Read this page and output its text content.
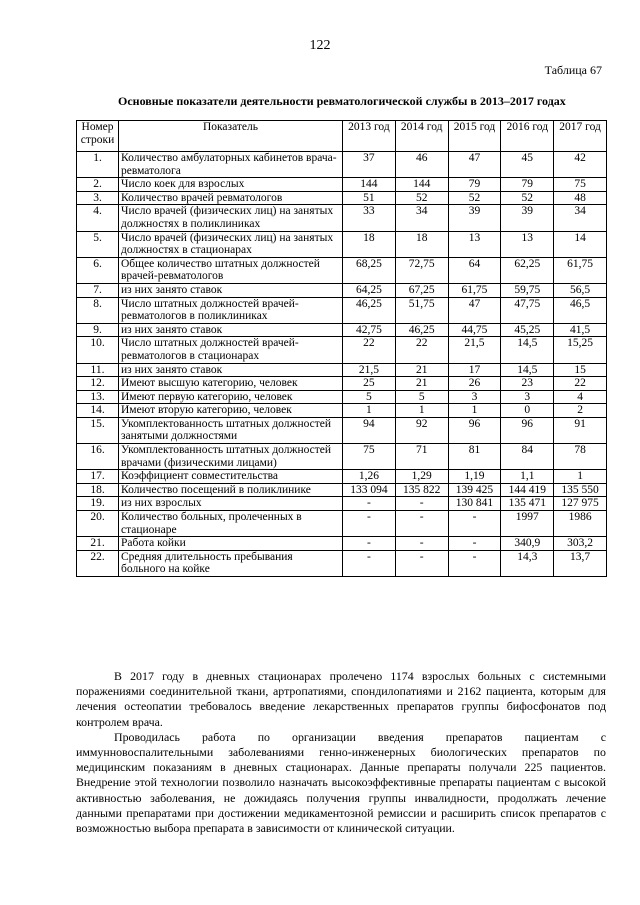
122
Таблица 67
Основные показатели деятельности ревматологической службы в 2013–2017 годах
Номер строки	Показатель	2013 год	2014 год	2015 год	2016 год	2017 год
1.	Количество амбулаторных кабинетов врача-ревматолога	37	46	47	45	42
2.	Число коек для взрослых	144	144	79	79	75
3.	Количество врачей ревматологов	51	52	52	52	48
4.	Число врачей (физических лиц) на занятых должностях в поликлиниках	33	34	39	39	34
5.	Число врачей (физических лиц) на занятых должностях в стационарах	18	18	13	13	14
6.	Общее количество штатных должностей врачей-ревматологов	68,25	72,75	64	62,25	61,75
7.	из них занято ставок	64,25	67,25	61,75	59,75	56,5
8.	Число штатных должностей врачей-ревматологов в поликлиниках	46,25	51,75	47	47,75	46,5
9.	из них занято ставок	42,75	46,25	44,75	45,25	41,5
10.	Число штатных должностей врачей-ревматологов в стационарах	22	22	21,5	14,5	15,25
11.	из них занято ставок	21,5	21	17	14,5	15
12.	Имеют высшую категорию, человек	25	21	26	23	22
13.	Имеют первую категорию, человек	5	5	3	3	4
14.	Имеют вторую категорию, человек	1	1	1	0	2
15.	Укомплектованность штатных должностей занятыми должностями	94	92	96	96	91
16.	Укомплектованность штатных должностей врачами (физическими лицами)	75	71	81	84	78
17.	Коэффициент совместительства	1,26	1,29	1,19	1,1	1
18.	Количество посещений в поликлинике	133 094	135 822	139 425	144 419	135 550
19.	из них взрослых	-	-	130 841	135 471	127 975
20.	Количество больных, пролеченных в стационаре	-	-	-	1997	1986
21.	Работа койки	-	-	-	340,9	303,2
22.	Средняя длительность пребывания больного на койке	-	-	-	14,3	13,7

В 2017 году в дневных стационарах пролечено 1174 взрослых больных с системными поражениями соединительной ткани, артропатиями, спондилопатиями и 2162 пациента, которым для лечения остеопатии требовалось введение лекарственных препаратов группы бифосфонатов под контролем врача.

Проводилась работа по организации введения препаратов пациентам с иммунновоспалительными заболеваниями генно-инженерных биологических препаратов по медицинским показаниям в дневных стационарах. Данные препараты получали 225 пациентов. Внедрение этой технологии позволило назначать высокоэффективные препараты пациентам с высокой активностью заболевания, не дожидаясь получения группы инвалидности, продолжать лечение данными препаратами при достижении медикаментозной ремиссии и расширить список препаратов с возможностью выбора препарата в зависимости от клинической ситуации.
